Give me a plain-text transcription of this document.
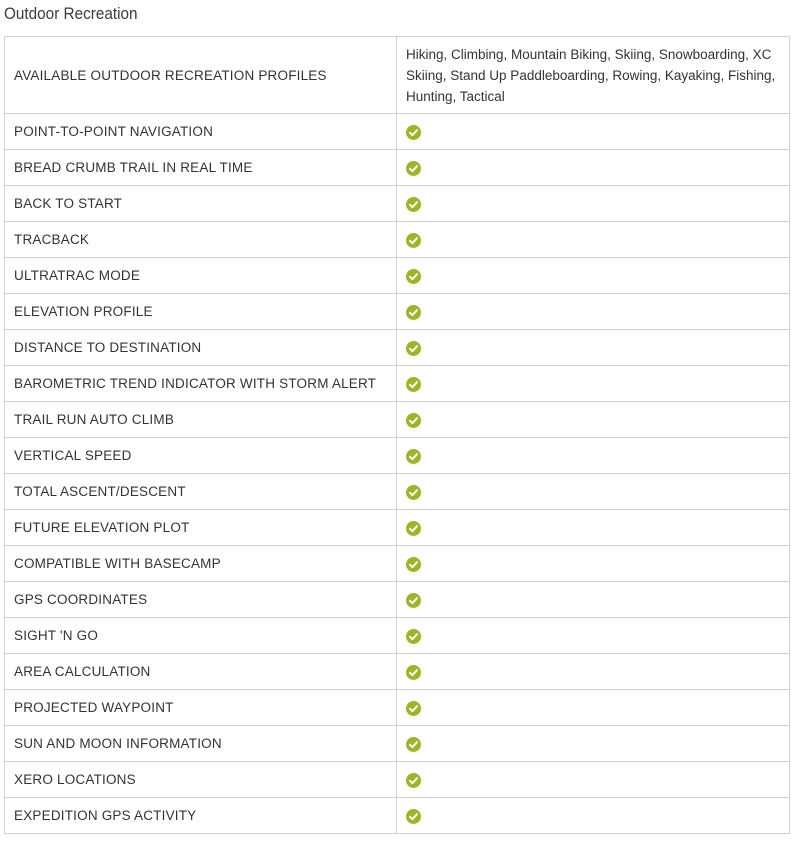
Outdoor Recreation
AVAILABLE OUTDOOR RECREATION PROFILES	Hiking, Climbing, Mountain Biking, Skiing, Snowboarding, XC Skiing, Stand Up Paddleboarding, Rowing, Kayaking, Fishing, Hunting, Tactical
POINT-TO-POINT NAVIGATION	

BREAD CRUMB TRAIL IN REAL TIME	

BACK TO START	

TRACBACK	

ULTRATRAC MODE	

ELEVATION PROFILE	

DISTANCE TO DESTINATION	

BAROMETRIC TREND INDICATOR WITH STORM ALERT	

TRAIL RUN AUTO CLIMB	

VERTICAL SPEED	

TOTAL ASCENT/DESCENT	

FUTURE ELEVATION PLOT	

COMPATIBLE WITH BASECAMP	

GPS COORDINATES	

SIGHT 'N GO	

AREA CALCULATION	

PROJECTED WAYPOINT	

SUN AND MOON INFORMATION	

XERO LOCATIONS	

EXPEDITION GPS ACTIVITY	
